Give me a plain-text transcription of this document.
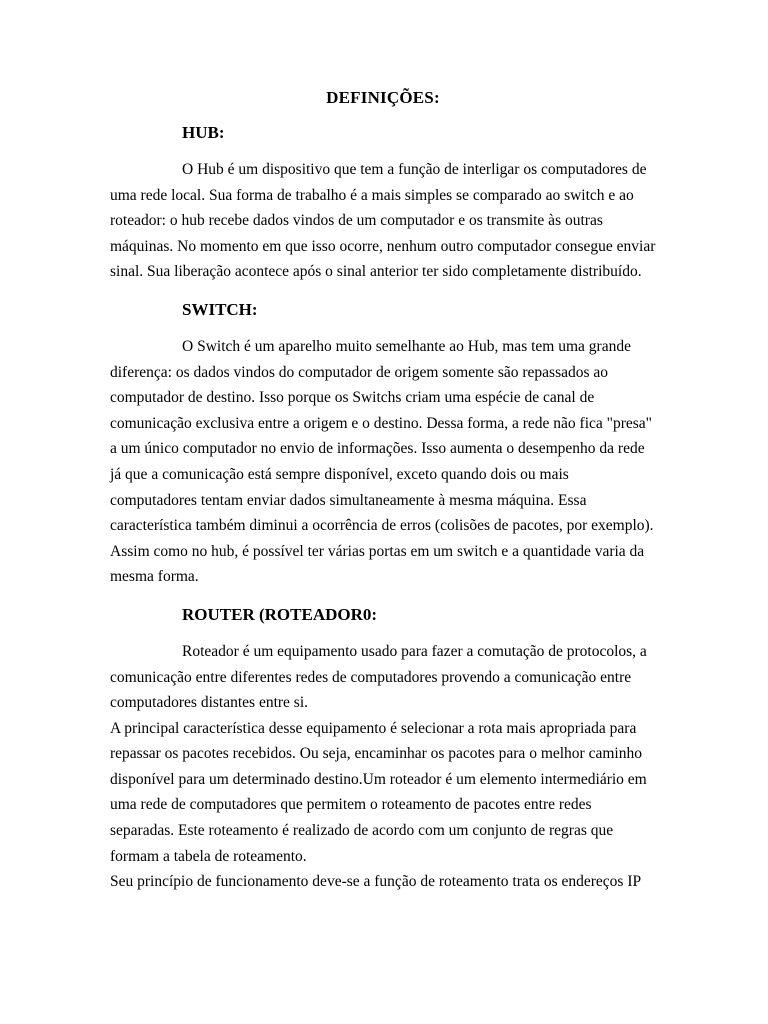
DEFINIÇÕES:
HUB:

O Hub é um dispositivo que tem a função de interligar os computadores de uma rede local. Sua forma de trabalho é a mais simples se comparado ao switch e ao roteador: o hub recebe dados vindos de um computador e os transmite às outras máquinas. No momento em que isso ocorre, nenhum outro computador consegue enviar sinal. Sua liberação acontece após o sinal anterior ter sido completamente distribuído.

SWITCH:

O Switch é um aparelho muito semelhante ao Hub, mas tem uma grande diferença: os dados vindos do computador de origem somente são repassados ao computador de destino. Isso porque os Switchs criam uma espécie de canal de comunicação exclusiva entre a origem e o destino. Dessa forma, a rede não fica "presa" a um único computador no envio de informações. Isso aumenta o desempenho da rede já que a comunicação está sempre disponível, exceto quando dois ou mais computadores tentam enviar dados simultaneamente à mesma máquina. Essa característica também diminui a ocorrência de erros (colisões de pacotes, por exemplo). Assim como no hub, é possível ter várias portas em um switch e a quantidade varia da mesma forma.

ROUTER (ROTEADOR0:

Roteador é um equipamento usado para fazer a comutação de protocolos, a comunicação entre diferentes redes de computadores provendo a comunicação entre computadores distantes entre si.

A principal característica desse equipamento é selecionar a rota mais apropriada para repassar os pacotes recebidos. Ou seja, encaminhar os pacotes para o melhor caminho disponível para um determinado destino.Um roteador é um elemento intermediário em uma rede de computadores que permitem o roteamento de pacotes entre redes separadas. Este roteamento é realizado de acordo com um conjunto de regras que formam a tabela de roteamento.

Seu princípio de funcionamento deve-se a função de roteamento trata os endereços IP
